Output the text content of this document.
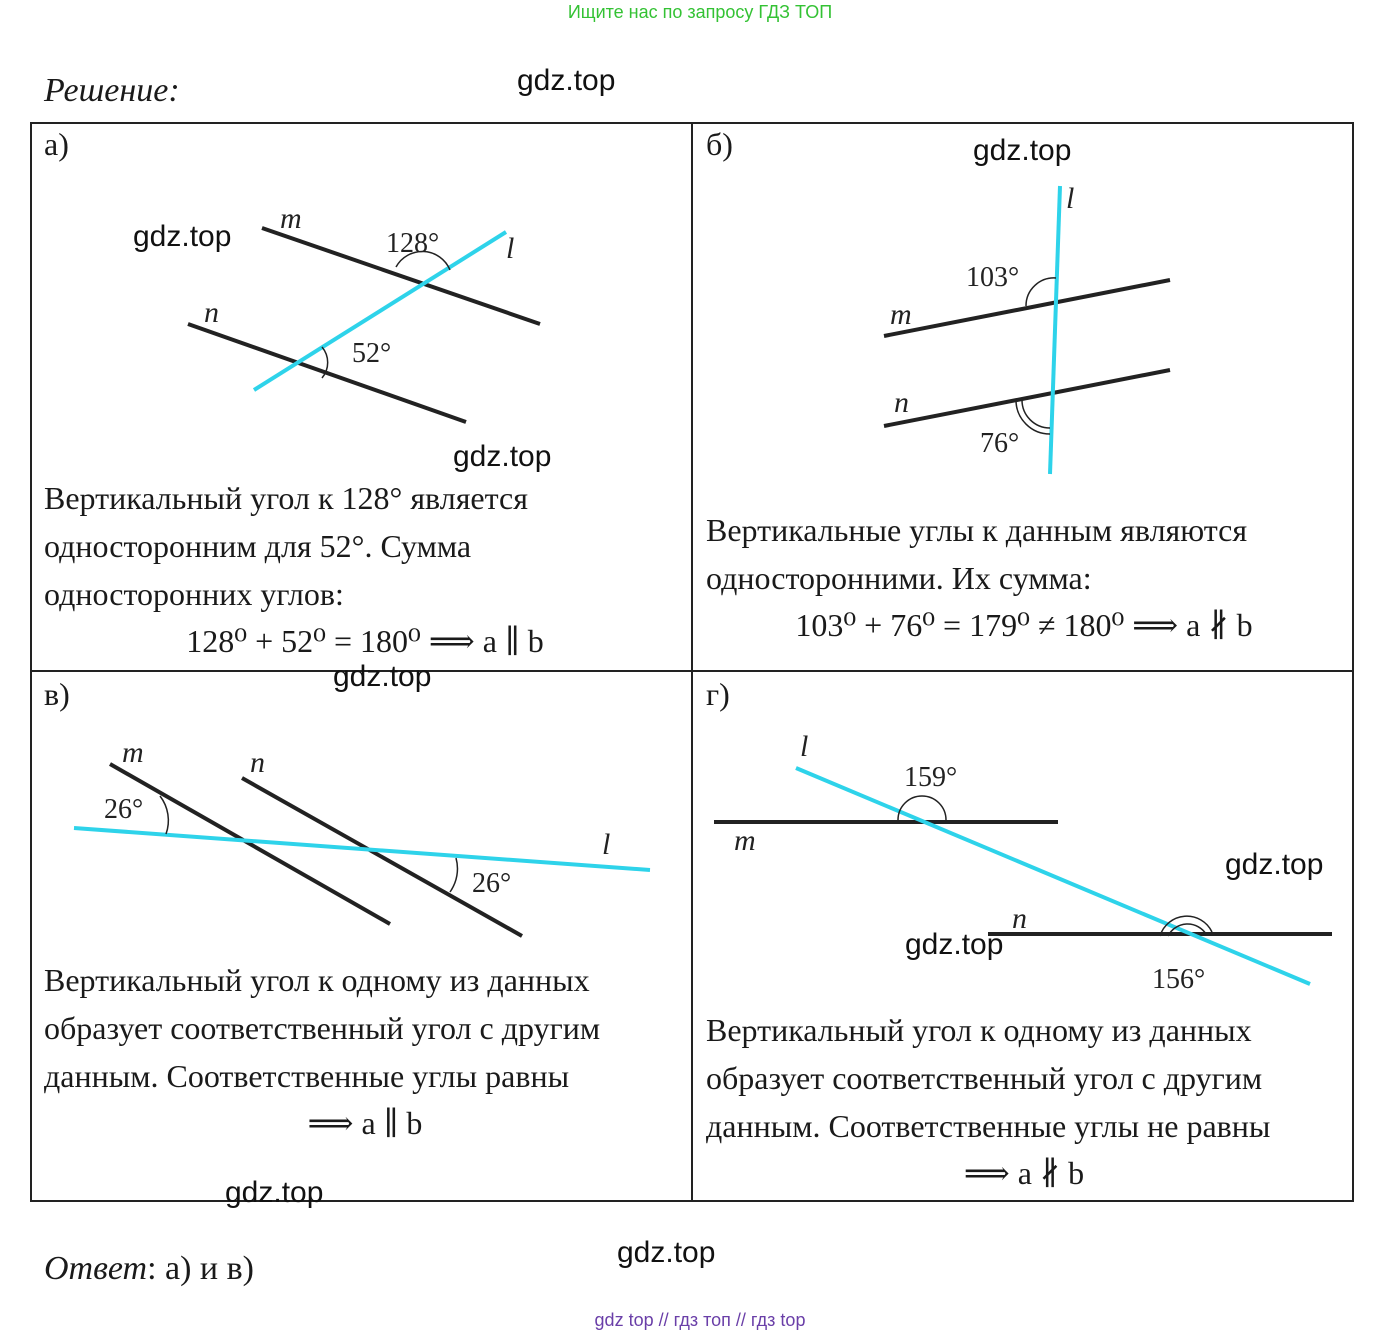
Ищите нас по запросу ГДЗ ТОП
Решение:
а)
m
n
l
128°
52°
Вертикальный угол к 128° является
односторонним для 52°. Сумма
односторонних углов:
128⁰ + 52⁰ = 180⁰ ⟹ a ∥ b
б)
l
m
n
103°
76°
Вертикальные углы к данным являются
односторонними. Их сумма:
103⁰ + 76⁰ = 179⁰ ≠ 180⁰ ⟹ a ∦ b
в)
m	n
l
26°
26°
Вертикальный угол к одному из данных
образует соответственный угол с другим
данным. Соответственные углы равны
⟹ a ∥ b
г)
l
m
n
159°
156°
Вертикальный угол к одному из данных
образует соответственный угол с другим
данным. Соответственные углы не равны
⟹ a ∦ b
gdz.top
gdz.top
gdz.top
gdz.top
gdz.top
gdz.top
gdz.top
gdz.top
gdz.top
Ответ: а) и в)
gdz top // гдз топ // гдз top
